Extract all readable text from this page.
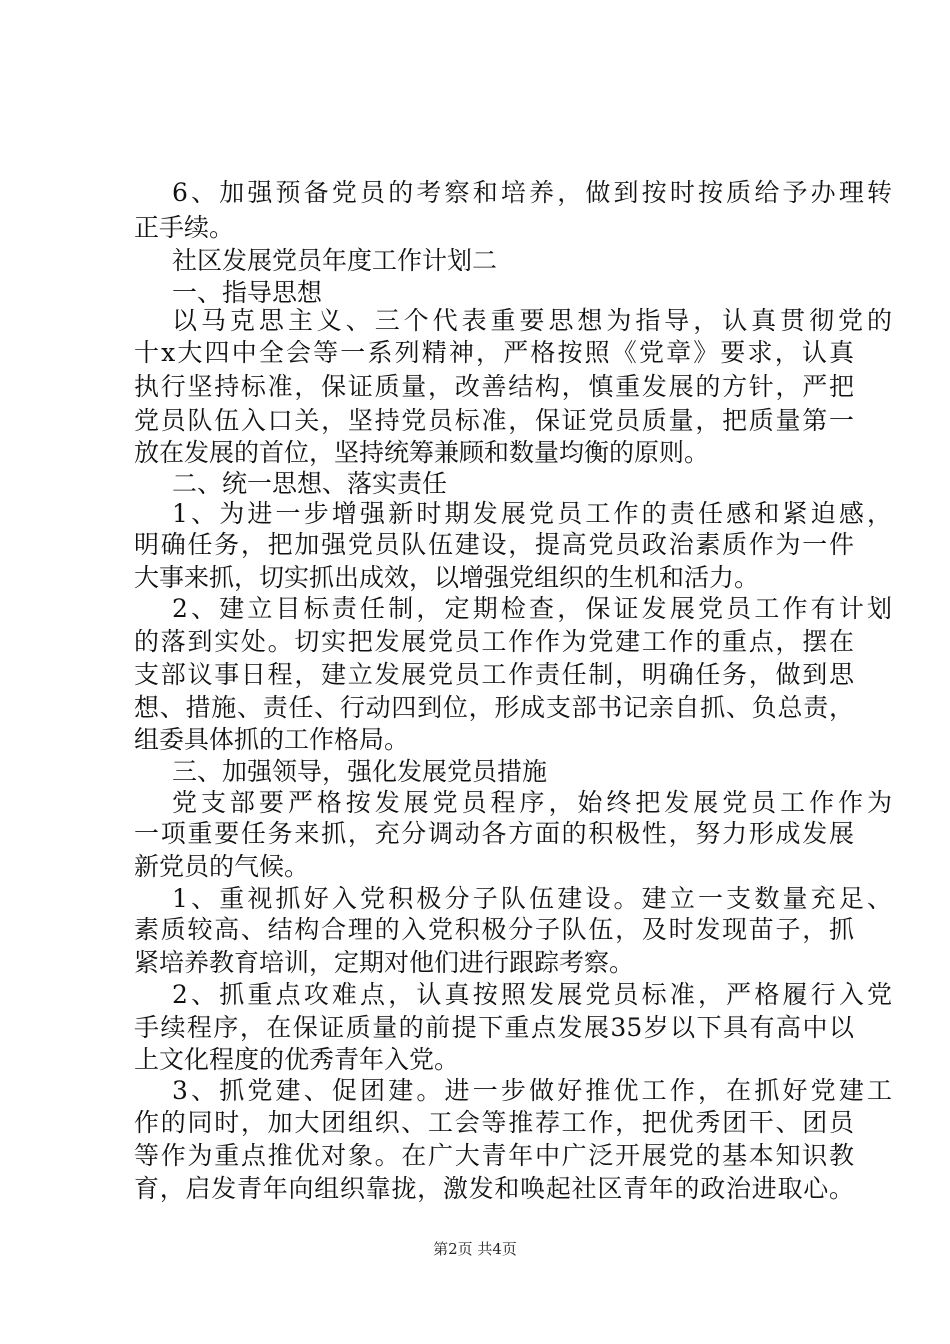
6、加强预备党员的考察和培养，做到按时按质给予办理转
正手续。
社区发展党员年度工作计划二
一、指导思想
以马克思主义、三个代表重要思想为指导，认真贯彻党的
十x大四中全会等一系列精神，严格按照《党章》要求，认真
执行坚持标准，保证质量，改善结构，慎重发展的方针，严把
党员队伍入口关，坚持党员标准，保证党员质量，把质量第一
放在发展的首位，坚持统筹兼顾和数量均衡的原则。
二、统一思想、落实责任
1、为进一步增强新时期发展党员工作的责任感和紧迫感，
明确任务，把加强党员队伍建设，提高党员政治素质作为一件
大事来抓，切实抓出成效，以增强党组织的生机和活力。
2、建立目标责任制，定期检查，保证发展党员工作有计划
的落到实处。切实把发展党员工作作为党建工作的重点，摆在
支部议事日程，建立发展党员工作责任制，明确任务，做到思
想、措施、责任、行动四到位，形成支部书记亲自抓、负总责，
组委具体抓的工作格局。
三、加强领导，强化发展党员措施
党支部要严格按发展党员程序，始终把发展党员工作作为
一项重要任务来抓，充分调动各方面的积极性，努力形成发展
新党员的气候。
1、重视抓好入党积极分子队伍建设。建立一支数量充足、
素质较高、结构合理的入党积极分子队伍，及时发现苗子，抓
紧培养教育培训，定期对他们进行跟踪考察。
2、抓重点攻难点，认真按照发展党员标准，严格履行入党
手续程序，在保证质量的前提下重点发展35岁以下具有高中以
上文化程度的优秀青年入党。
3、抓党建、促团建。进一步做好推优工作，在抓好党建工
作的同时，加大团组织、工会等推荐工作，把优秀团干、团员
等作为重点推优对象。在广大青年中广泛开展党的基本知识教
育，启发青年向组织靠拢，激发和唤起社区青年的政治进取心。
第2页 共4页
